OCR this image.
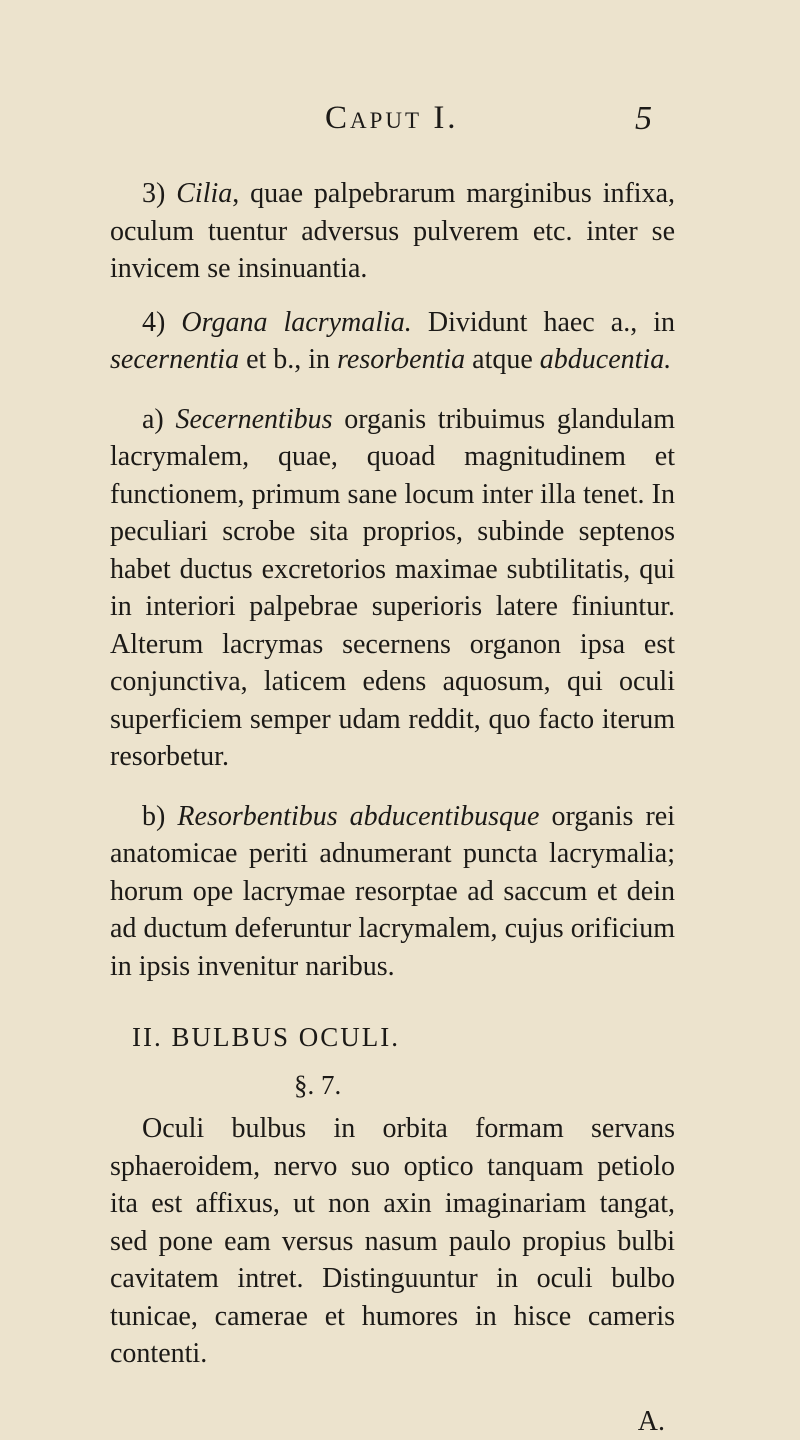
Caput I.	5

3) Cilia, quae palpebrarum marginibus infixa, oculum tuentur adversus pulverem etc. inter se invicem se insinuantia.

4) Organa lacrymalia. Dividunt haec a., in secernentia et b., in resorbentia atque abducentia.

a) Secernentibus organis tribuimus glandulam lacrymalem, quae, quoad magnitudinem et functionem, primum sane locum inter illa tenet. In peculiari scrobe sita proprios, subinde septenos habet ductus excretorios maximae subtilitatis, qui in interiori palpebrae superioris latere finiuntur. Alterum lacrymas secernens organon ipsa est conjunctiva, laticem edens aquosum, qui oculi superficiem semper udam reddit, quo facto iterum resorbetur.

b) Resorbentibus abducentibusque organis rei anatomicae periti adnumerant puncta lacrymalia; horum ope lacrymae resorptae ad saccum et dein ad ductum deferuntur lacrymalem, cujus orificium in ipsis invenitur naribus.

II. BULBUS OCULI.

§. 7.

Oculi bulbus in orbita formam servans sphaeroidem, nervo suo optico tanquam petiolo ita est affixus, ut non axin imaginariam tangat, sed pone eam versus nasum paulo propius bulbi cavitatem intret. Distinguuntur in oculi bulbo tunicae, camerae et humores in hisce cameris contenti.

A.
